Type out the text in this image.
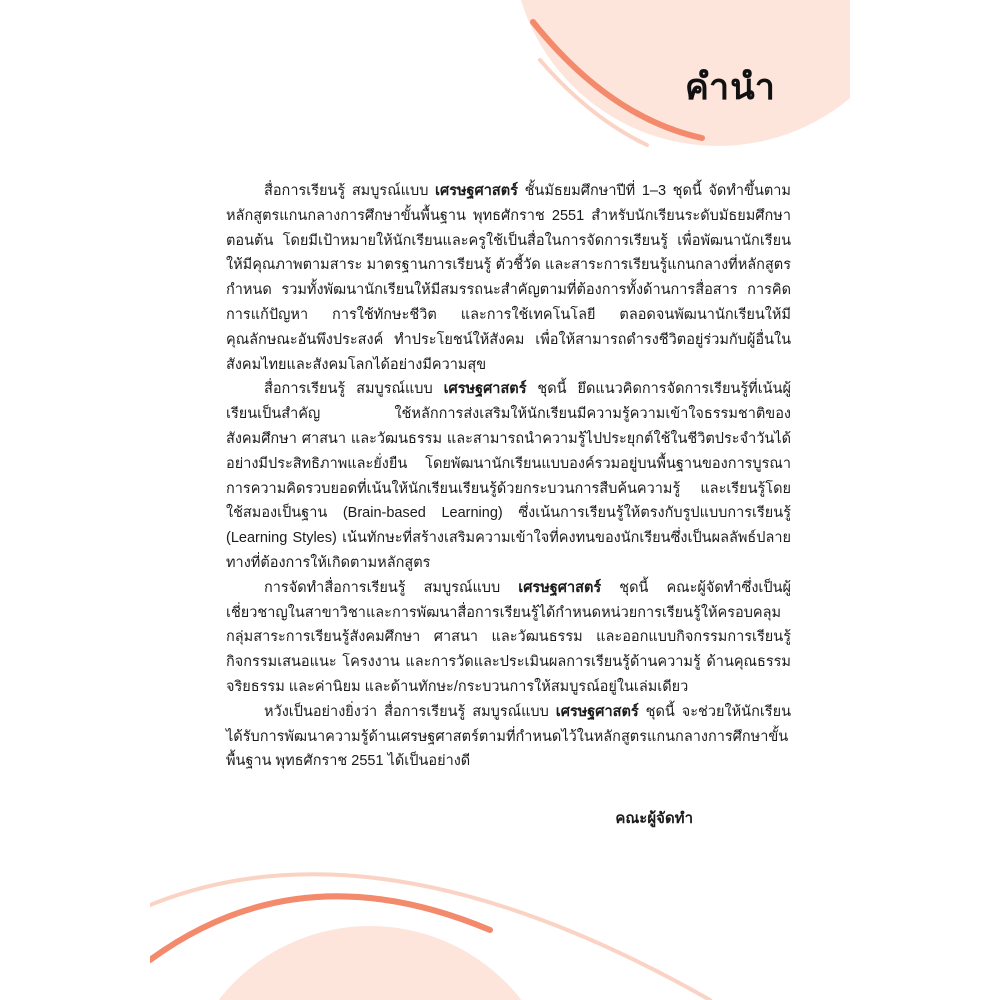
คำนำ

สื่อการเรียนรู้ สมบูรณ์แบบ เศรษฐศาสตร์ ชั้นมัธยมศึกษาปีที่ 1–3 ชุดนี้ จัดทำขึ้นตามหลักสูตรแกนกลางการศึกษาขั้นพื้นฐาน พุทธศักราช 2551 สำหรับนักเรียนระดับมัธยมศึกษาตอนต้น โดยมีเป้าหมายให้นักเรียนและครูใช้เป็นสื่อในการจัดการเรียนรู้ เพื่อพัฒนานักเรียนให้มีคุณภาพตามสาระ มาตรฐานการเรียนรู้ ตัวชี้วัด และสาระการเรียนรู้แกนกลางที่หลักสูตรกำหนด รวมทั้งพัฒนานักเรียนให้มีสมรรถนะสำคัญตามที่ต้องการทั้งด้านการสื่อสาร การคิด การแก้ปัญหา การใช้ทักษะชีวิต และการใช้เทคโนโลยี ตลอดจนพัฒนานักเรียนให้มีคุณลักษณะอันพึงประสงค์ ทำประโยชน์ให้สังคม เพื่อให้สามารถดำรงชีวิตอยู่ร่วมกับผู้อื่นในสังคมไทยและสังคมโลกได้อย่างมีความสุข

สื่อการเรียนรู้ สมบูรณ์แบบ เศรษฐศาสตร์ ชุดนี้ ยึดแนวคิดการจัดการเรียนรู้ที่เน้นผู้เรียนเป็นสำคัญ ใช้หลักการส่งเสริมให้นักเรียนมีความรู้ความเข้าใจธรรมชาติของสังคมศึกษา ศาสนา และวัฒนธรรม และสามารถนำความรู้ไปประยุกต์ใช้ในชีวิตประจำวันได้อย่างมีประสิทธิภาพและยั่งยืน โดยพัฒนานักเรียนแบบองค์รวมอยู่บนพื้นฐานของการบูรณาการความคิดรวบยอดที่เน้นให้นักเรียนเรียนรู้ด้วยกระบวนการสืบค้นความรู้ และเรียนรู้โดยใช้สมองเป็นฐาน (Brain-based Learning) ซึ่งเน้นการเรียนรู้ให้ตรงกับรูปแบบการเรียนรู้ (Learning Styles) เน้นทักษะที่สร้างเสริมความเข้าใจที่คงทนของนักเรียนซึ่งเป็นผลลัพธ์ปลายทางที่ต้องการให้เกิดตามหลักสูตร

การจัดทำสื่อการเรียนรู้ สมบูรณ์แบบ เศรษฐศาสตร์ ชุดนี้ คณะผู้จัดทำซึ่งเป็นผู้เชี่ยวชาญในสาขาวิชาและการพัฒนาสื่อการเรียนรู้ได้กำหนดหน่วยการเรียนรู้ให้ครอบคลุมกลุ่มสาระการเรียนรู้สังคมศึกษา ศาสนา และวัฒนธรรม และออกแบบกิจกรรมการเรียนรู้ กิจกรรมเสนอแนะ โครงงาน และการวัดและประเมินผลการเรียนรู้ด้านความรู้ ด้านคุณธรรม จริยธรรม และค่านิยม และด้านทักษะ/กระบวนการให้สมบูรณ์อยู่ในเล่มเดียว

หวังเป็นอย่างยิ่งว่า สื่อการเรียนรู้ สมบูรณ์แบบ เศรษฐศาสตร์ ชุดนี้ จะช่วยให้นักเรียนได้รับการพัฒนาความรู้ด้านเศรษฐศาสตร์ตามที่กำหนดไว้ในหลักสูตรแกนกลางการศึกษาขั้นพื้นฐาน พุทธศักราช 2551 ได้เป็นอย่างดี

คณะผู้จัดทำ
